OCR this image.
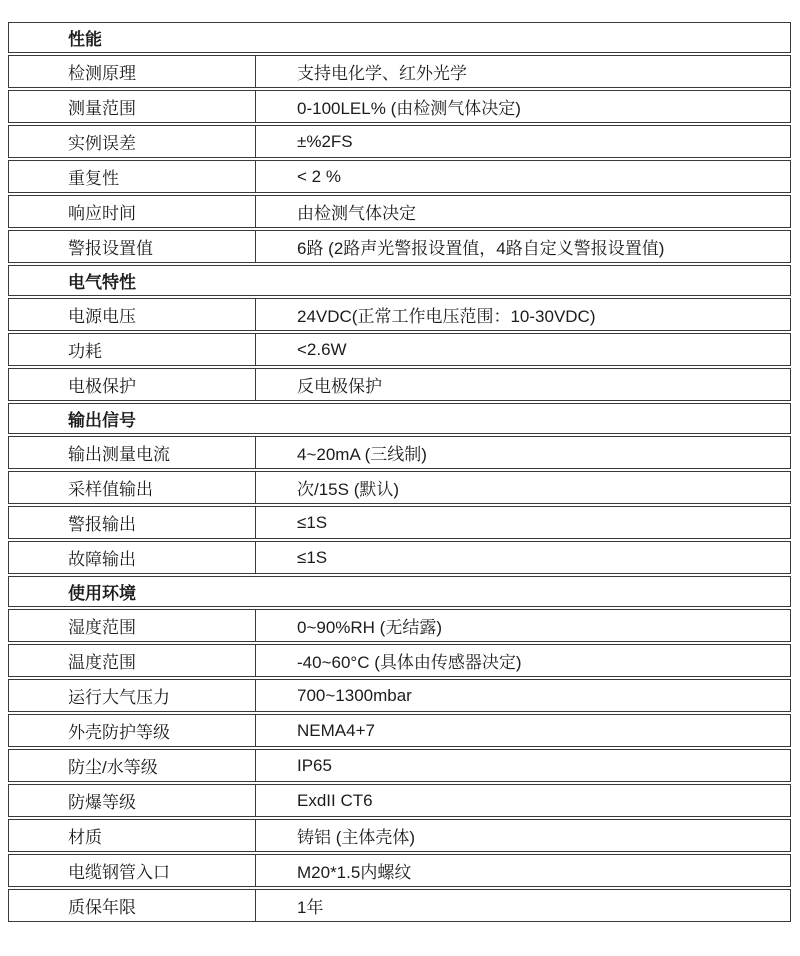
性能
检测原理	支持电化学、红外光学
测量范围	0-100LEL% (由检测气体决定)
实例误差	±%2FS
重复性	< 2 %
响应时间	由检测气体决定
警报设置值	6路 (2路声光警报设置值，4路自定义警报设置值)
电气特性
电源电压	24VDC(正常工作电压范围：10-30VDC)
功耗	<2.6W
电极保护	反电极保护
输出信号
输出测量电流	4~20mA (三线制)
采样值输出	次/15S (默认)
警报输出	≤1S
故障输出	≤1S
使用环境
湿度范围	0~90%RH (无结露)
温度范围	-40~60°C (具体由传感器决定)
运行大气压力	700~1300mbar
外壳防护等级	NEMA4+7
防尘/水等级	IP65
防爆等级	ExdII CT6
材质	铸铝 (主体壳体)
电缆钢管入口	M20*1.5内螺纹
质保年限	1年
